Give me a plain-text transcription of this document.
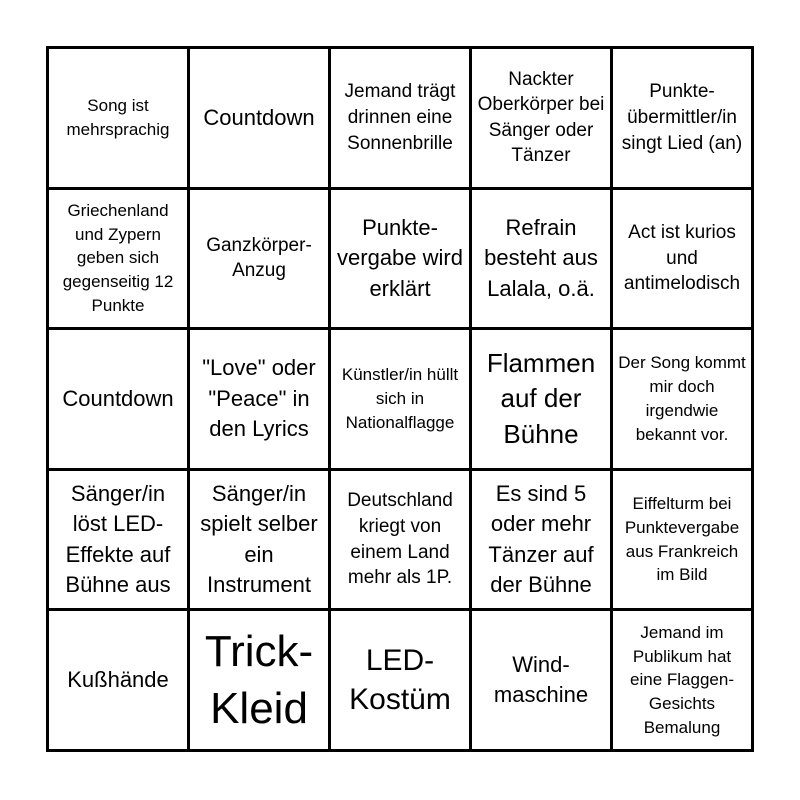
Song ist mehrsprachig	Countdown
Jemand trägt drinnen eine Sonnenbrille
Nackter Oberkörper bei Sänger oder Tänzer
Punkte-übermittler/in singt Lied (an)
Griechenland und Zypern geben sich gegenseitig 12 Punkte
Ganzkörper-Anzug
Punkte-vergabe wird erklärt
Refrain besteht aus Lalala, o.ä.
Act ist kurios und antimelodisch
Countdown
"Love" oder "Peace" in den Lyrics
Künstler/in hüllt sich in Nationalflagge
Flammen auf der Bühne
Der Song kommt mir doch irgendwie bekannt vor.
Sänger/in löst LED-Effekte auf Bühne aus
Sänger/in spielt selber ein Instrument
Deutschland kriegt von einem Land mehr als 1P.
Es sind 5 oder mehr Tänzer auf der Bühne
Eiffelturm bei Punktevergabe aus Frankreich im Bild
Kußhände
Trick-Kleid
LED-Kostüm
Wind-maschine
Jemand im Publikum hat eine Flaggen-Gesichts Bemalung
